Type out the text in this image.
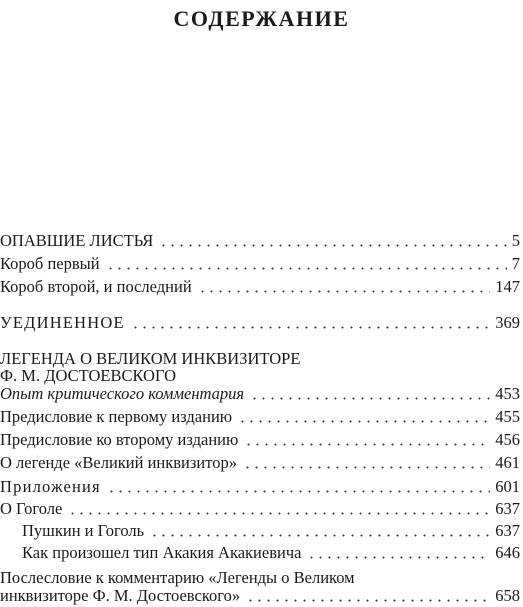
СОДЕРЖАНИЕ
ОПАВШИЕ ЛИСТЬЯ	5
Короб первый	7
Короб второй, и последний	147
УЕДИНЕННОЕ	369
ЛЕГЕНДА О ВЕЛИКОМ ИНКВИЗИТОРЕ
Ф. М. ДОСТОЕВСКОГО
Опыт критического комментария	453
Предисловие к первому изданию	455
Предисловие ко второму изданию	456
О легенде «Великий инквизитор»	461
Приложения	601
О Гоголе	637
Пушкин и Гоголь	637
Как произошел тип Акакия Акакиевича	646
Послесловие к комментарию «Легенды о Великом
инквизиторе Ф. М. Достоевского»	658
